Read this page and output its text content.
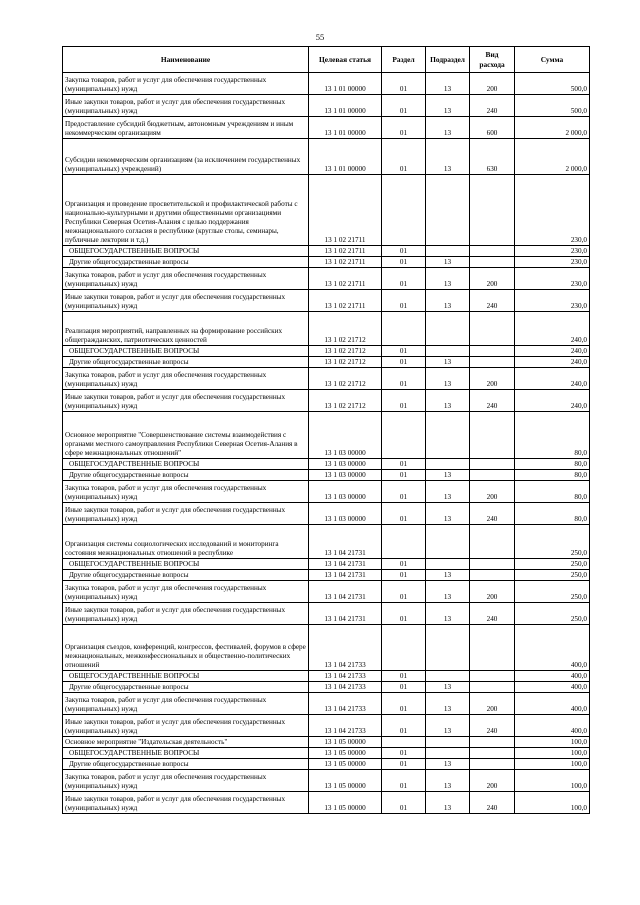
55
Наименование	Целевая статья	Раздел	Подраздел	Вид расхода	Сумма
Закупка товаров, работ и услуг для обеспечения государственных (муниципальных) нужд	13 1 01 00000	01	13	200	500,0
Иные закупки товаров, работ и услуг для обеспечения государственных (муниципальных) нужд	13 1 01 00000	01	13	240	500,0
Предоставление субсидий бюджетным, автономным учреждениям и иным некоммерческим организациям	13 1 01 00000	01	13	600	2 000,0
Субсидии некоммерческим организациям (за исключением государственных (муниципальных) учреждений)	13 1 01 00000	01	13	630	2 000,0
Организация и проведение просветительской и профилактической работы с национально-культурными и другими общественными организациями Республики Северная Осетия-Алания с целью поддержания межнационального согласия в республике (круглые столы, семинары, публичные лектории и т.д.)	13 1 02 21711				230,0
ОБЩЕГОСУДАРСТВЕННЫЕ ВОПРОСЫ	13 1 02 21711	01			230,0
Другие общегосударственные вопросы	13 1 02 21711	01	13		230,0
Закупка товаров, работ и услуг для обеспечения государственных (муниципальных) нужд	13 1 02 21711	01	13	200	230,0
Иные закупки товаров, работ и услуг для обеспечения государственных (муниципальных) нужд	13 1 02 21711	01	13	240	230,0
Реализация мероприятий, направленных на формирование российских общегражданских, патриотических ценностей	13 1 02 21712				240,0
ОБЩЕГОСУДАРСТВЕННЫЕ ВОПРОСЫ	13 1 02 21712	01			240,0
Другие общегосударственные вопросы	13 1 02 21712	01	13		240,0
Закупка товаров, работ и услуг для обеспечения государственных (муниципальных) нужд	13 1 02 21712	01	13	200	240,0
Иные закупки товаров, работ и услуг для обеспечения государственных (муниципальных) нужд	13 1 02 21712	01	13	240	240,0
Основное мероприятие "Совершенствование системы взаимодействия с органами местного самоуправления Республики Северная Осетия-Алания в сфере межнациональных отношений"	13 1 03 00000				80,0
ОБЩЕГОСУДАРСТВЕННЫЕ ВОПРОСЫ	13 1 03 00000	01			80,0
Другие общегосударственные вопросы	13 1 03 00000	01	13		80,0
Закупка товаров, работ и услуг для обеспечения государственных (муниципальных) нужд	13 1 03 00000	01	13	200	80,0
Иные закупки товаров, работ и услуг для обеспечения государственных (муниципальных) нужд	13 1 03 00000	01	13	240	80,0
Организация системы социологических исследований и мониторинга состояния межнациональных отношений в республике	13 1 04 21731				250,0
ОБЩЕГОСУДАРСТВЕННЫЕ ВОПРОСЫ	13 1 04 21731	01			250,0
Другие общегосударственные вопросы	13 1 04 21731	01	13		250,0
Закупка товаров, работ и услуг для обеспечения государственных (муниципальных) нужд	13 1 04 21731	01	13	200	250,0
Иные закупки товаров, работ и услуг для обеспечения государственных (муниципальных) нужд	13 1 04 21731	01	13	240	250,0
Организация съездов, конференций, конгрессов, фестивалей, форумов в сфере межнациональных, межконфессиональных и общественно-политических отношений	13 1 04 21733				400,0
ОБЩЕГОСУДАРСТВЕННЫЕ ВОПРОСЫ	13 1 04 21733	01			400,0
Другие общегосударственные вопросы	13 1 04 21733	01	13		400,0
Закупка товаров, работ и услуг для обеспечения государственных (муниципальных) нужд	13 1 04 21733	01	13	200	400,0
Иные закупки товаров, работ и услуг для обеспечения государственных (муниципальных) нужд	13 1 04 21733	01	13	240	400,0
Основное мероприятие "Издательская деятельность"	13 1 05 00000				100,0
ОБЩЕГОСУДАРСТВЕННЫЕ ВОПРОСЫ	13 1 05 00000	01			100,0
Другие общегосударственные вопросы	13 1 05 00000	01	13		100,0
Закупка товаров, работ и услуг для обеспечения государственных (муниципальных) нужд	13 1 05 00000	01	13	200	100,0
Иные закупки товаров, работ и услуг для обеспечения государственных (муниципальных) нужд	13 1 05 00000	01	13	240	100,0
